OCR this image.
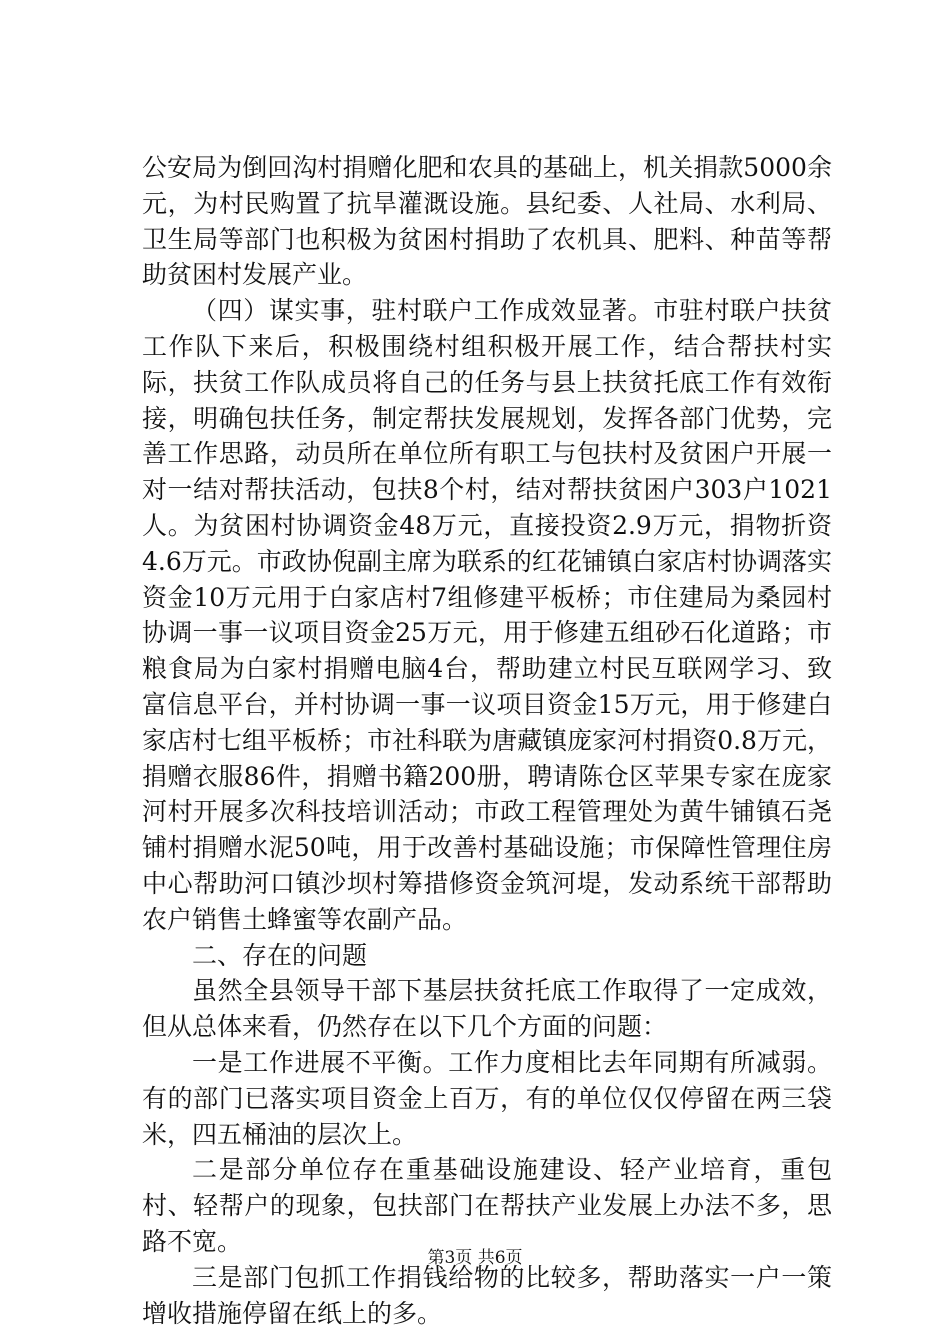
公安局为倒回沟村捐赠化肥和农具的基础上，机关捐款5000余元，为村民购置了抗旱灌溉设施。县纪委、人社局、水利局、卫生局等部门也积极为贫困村捐助了农机具、肥料、种苗等帮助贫困村发展产业。

（四）谋实事，驻村联户工作成效显著。市驻村联户扶贫工作队下来后，积极围绕村组积极开展工作，结合帮扶村实际，扶贫工作队成员将自己的任务与县上扶贫托底工作有效衔接，明确包扶任务，制定帮扶发展规划，发挥各部门优势，完善工作思路，动员所在单位所有职工与包扶村及贫困户开展一对一结对帮扶活动，包扶8个村，结对帮扶贫困户303户1021人。为贫困村协调资金48万元，直接投资2.9万元，捐物折资4.6万元。市政协倪副主席为联系的红花铺镇白家店村协调落实资金10万元用于白家店村7组修建平板桥；市住建局为桑园村协调一事一议项目资金25万元，用于修建五组砂石化道路；市粮食局为白家村捐赠电脑4台，帮助建立村民互联网学习、致富信息平台，并村协调一事一议项目资金15万元，用于修建白家店村七组平板桥；市社科联为唐藏镇庞家河村捐资0.8万元，捐赠衣服86件，捐赠书籍200册，聘请陈仓区苹果专家在庞家河村开展多次科技培训活动；市政工程管理处为黄牛铺镇石尧铺村捐赠水泥50吨，用于改善村基础设施；市保障性管理住房中心帮助河口镇沙坝村筹措修资金筑河堤，发动系统干部帮助农户销售土蜂蜜等农副产品。

二、存在的问题

虽然全县领导干部下基层扶贫托底工作取得了一定成效，但从总体来看，仍然存在以下几个方面的问题：

一是工作进展不平衡。工作力度相比去年同期有所减弱。有的部门已落实项目资金上百万，有的单位仅仅停留在两三袋米，四五桶油的层次上。

二是部分单位存在重基础设施建设、轻产业培育，重包村、轻帮户的现象，包扶部门在帮扶产业发展上办法不多，思路不宽。

三是部门包抓工作捐钱给物的比较多，帮助落实一户一策增收措施停留在纸上的多。

第3页 共6页
